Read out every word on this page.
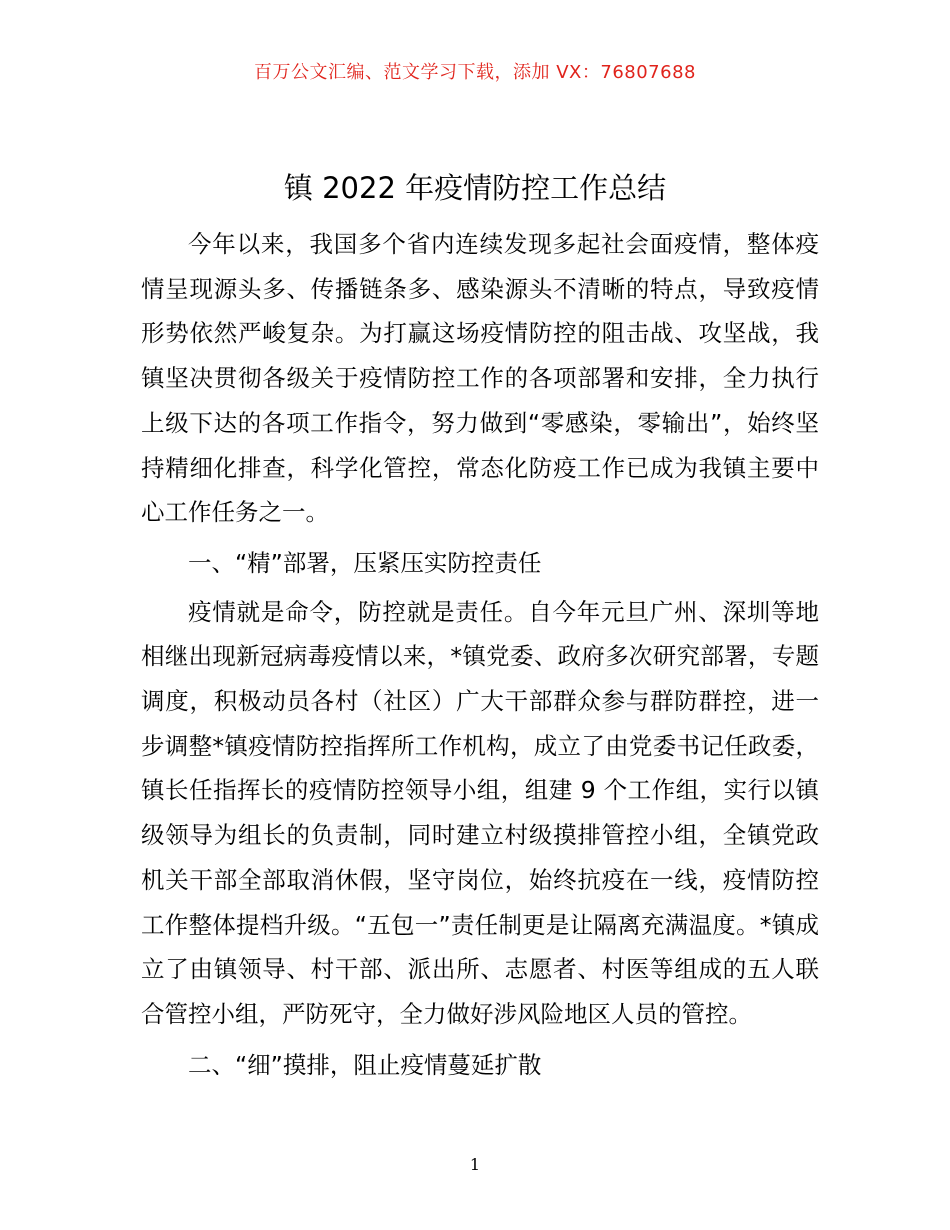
百万公文汇编、范文学习下载，添加 VX：76807688
镇 2022 年疫情防控工作总结

今年以来，我国多个省内连续发现多起社会面疫情，整体疫情呈现源头多、传播链条多、感染源头不清晰的特点，导致疫情形势依然严峻复杂。为打赢这场疫情防控的阻击战、攻坚战，我镇坚决贯彻各级关于疫情防控工作的各项部署和安排，全力执行上级下达的各项工作指令，努力做到“零感染，零输出”，始终坚持精细化排查，科学化管控，常态化防疫工作已成为我镇主要中心工作任务之一。

一、“精”部署，压紧压实防控责任

疫情就是命令，防控就是责任。自今年元旦广州、深圳等地相继出现新冠病毒疫情以来，*镇党委、政府多次研究部署，专题调度，积极动员各村（社区）广大干部群众参与群防群控，进一步调整*镇疫情防控指挥所工作机构，成立了由党委书记任政委，镇长任指挥长的疫情防控领导小组，组建 9 个工作组，实行以镇级领导为组长的负责制，同时建立村级摸排管控小组，全镇党政机关干部全部取消休假，坚守岗位，始终抗疫在一线，疫情防控工作整体提档升级。“五包一”责任制更是让隔离充满温度。*镇成立了由镇领导、村干部、派出所、志愿者、村医等组成的五人联合管控小组，严防死守，全力做好涉风险地区人员的管控。

二、“细”摸排，阻止疫情蔓延扩散

1
